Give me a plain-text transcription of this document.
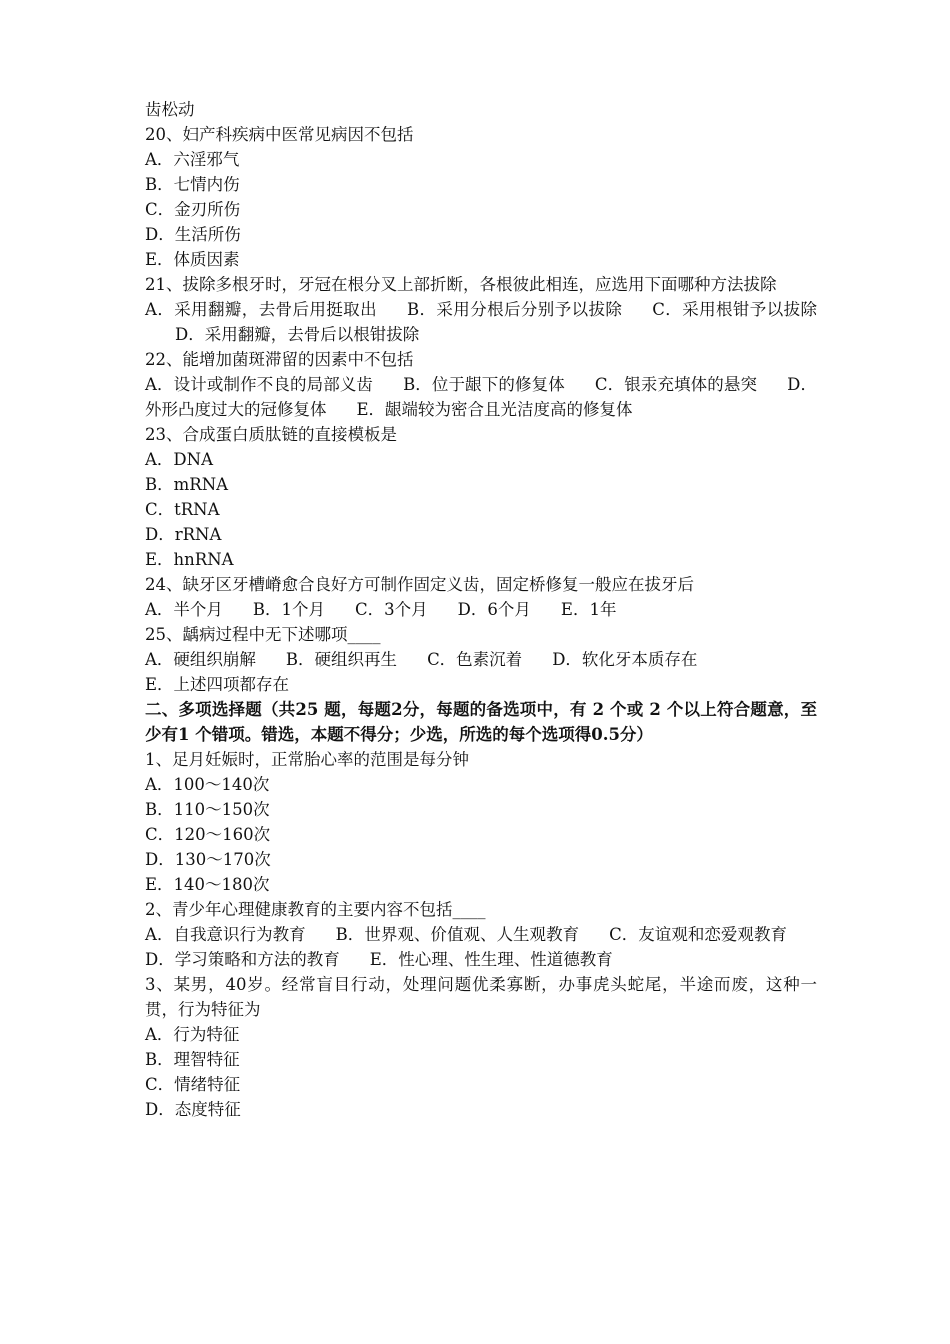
齿松动
20、妇产科疾病中医常见病因不包括
A．六淫邪气
B．七情内伤
C．金刃所伤
D．生活所伤
E．体质因素
21、拔除多根牙时，牙冠在根分叉上部折断，各根彼此相连，应选用下面哪种方法拔除
A．采用翻瓣，去骨后用挺取出 B．采用分根后分别予以拔除 C．采用根钳予以拔除D．采用翻瓣，去骨后以根钳拔除
22、能增加菌斑滞留的因素中不包括
A．设计或制作不良的局部义齿 B．位于龈下的修复体 C．银汞充填体的悬突 D．外形凸度过大的冠修复体 E．龈端较为密合且光洁度高的修复体
23、合成蛋白质肽链的直接模板是
A．DNA
B．mRNA
C．tRNA
D．rRNA
E．hnRNA
24、缺牙区牙槽嵴愈合良好方可制作固定义齿，固定桥修复一般应在拔牙后
A．半个月 B．1个月 C．3个月 D．6个月 E．1年
25、龋病过程中无下述哪项____
A．硬组织崩解 B．硬组织再生 C．色素沉着 D．软化牙本质存在
E．上述四项都存在
二、多项选择题（共25 题，每题2分，每题的备选项中，有 2 个或 2 个以上符合题意，至少有1 个错项。错选，本题不得分；少选，所选的每个选项得0.5分）
1、足月妊娠时，正常胎心率的范围是每分钟
A．100～140次
B．110～150次
C．120～160次
D．130～170次
E．140～180次
2、青少年心理健康教育的主要内容不包括____
A．自我意识行为教育 B．世界观、价值观、人生观教育 C．友谊观和恋爱观教育D．学习策略和方法的教育 E．性心理、性生理、性道德教育
3、某男，40岁。经常盲目行动，处理问题优柔寡断，办事虎头蛇尾，半途而废，这种一贯，行为特征为
A．行为特征
B．理智特征
C．情绪特征
D．态度特征
